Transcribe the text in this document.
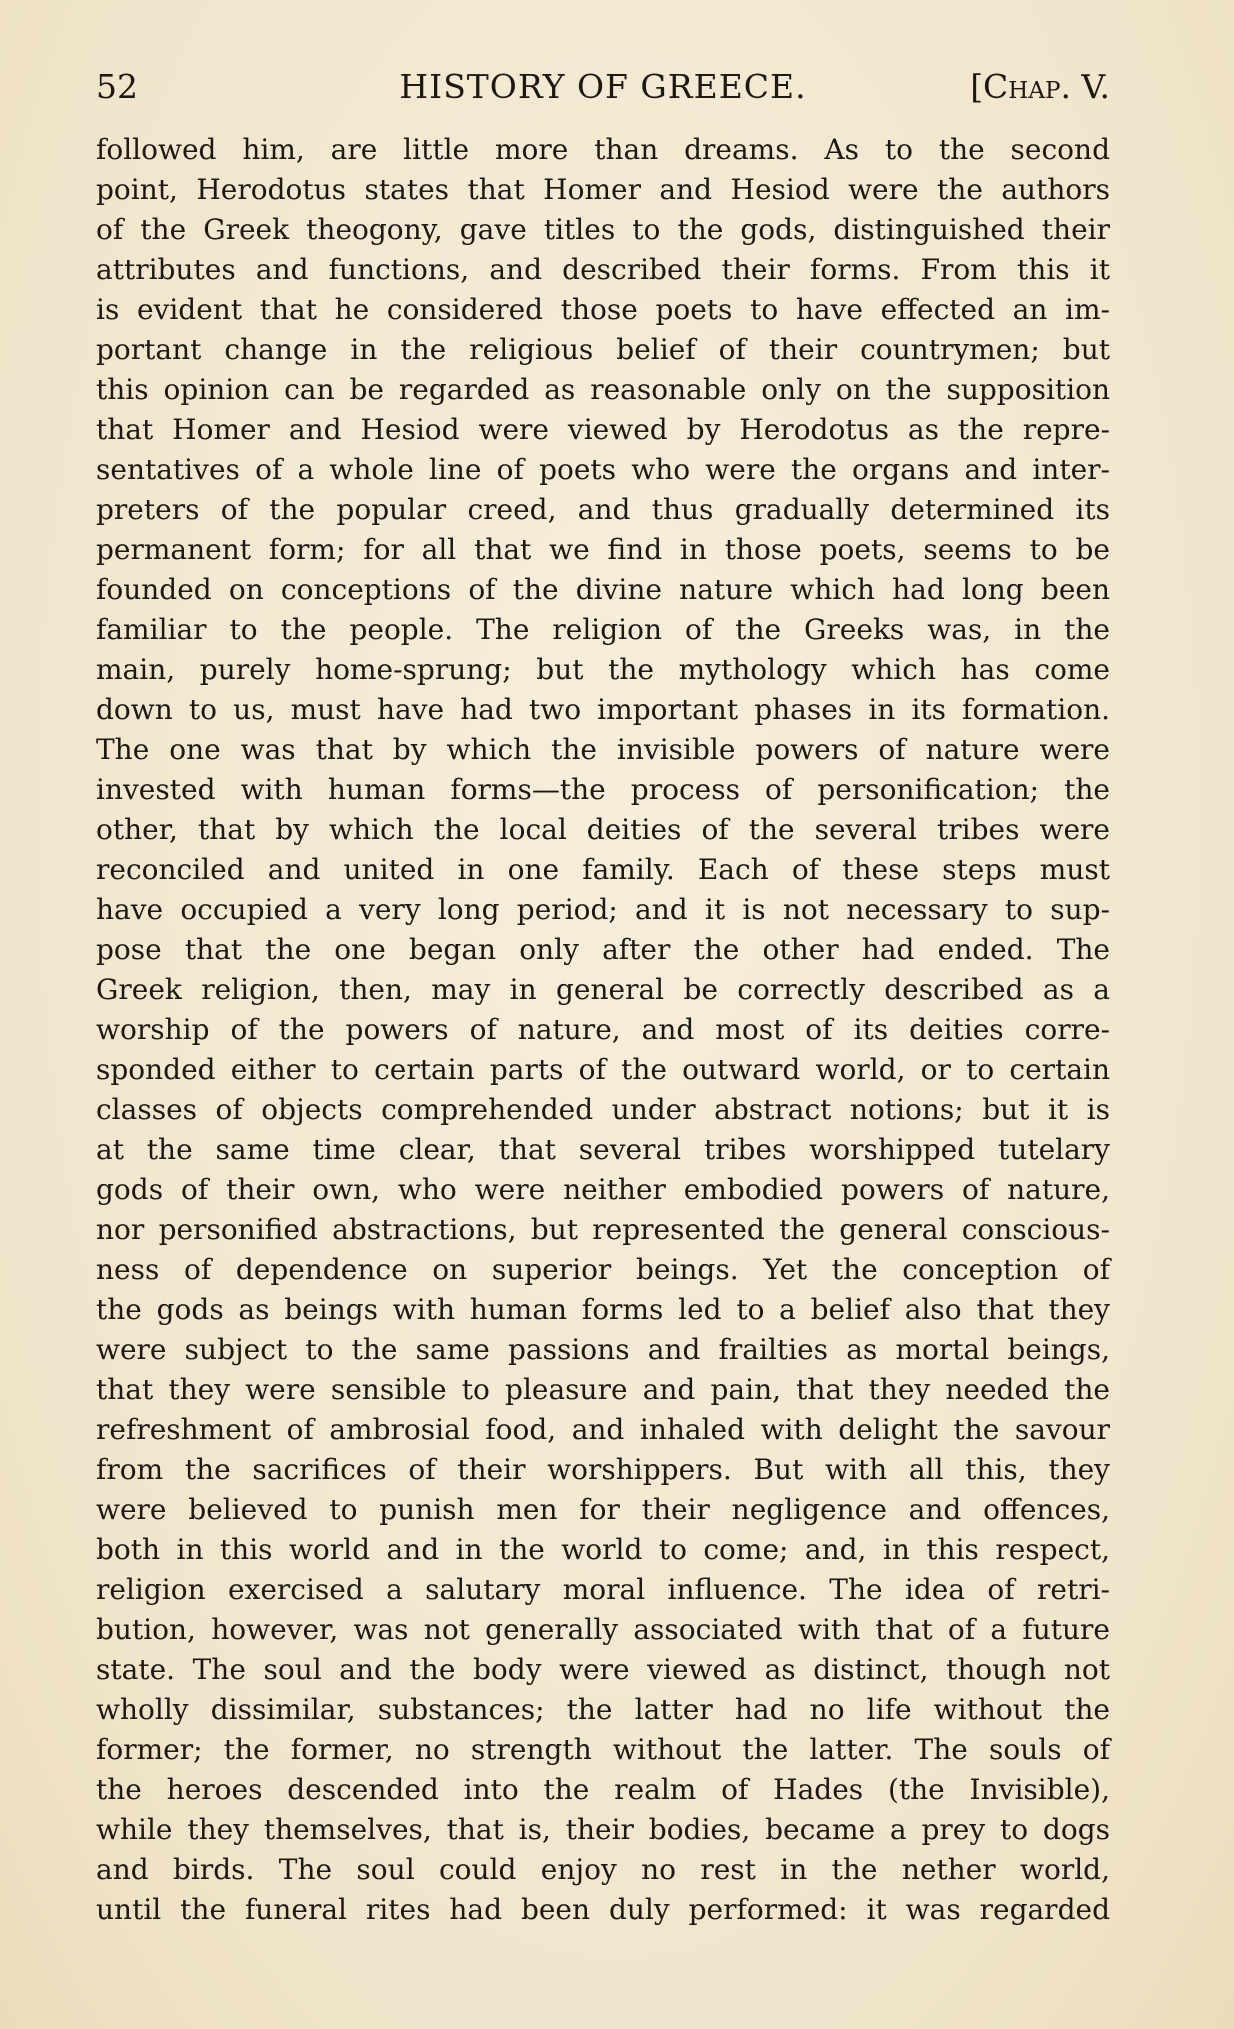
52	HISTORY OF GREECE.	[Chap. V.
followed him, are little more than dreams. As to the second
point, Herodotus states that Homer and Hesiod were the authors
of the Greek theogony, gave titles to the gods, distinguished their
attributes and functions, and described their forms. From this it
is evident that he considered those poets to have effected an im-
portant change in the religious belief of their countrymen; but
this opinion can be regarded as reasonable only on the supposition
that Homer and Hesiod were viewed by Herodotus as the repre-
sentatives of a whole line of poets who were the organs and inter-
preters of the popular creed, and thus gradually determined its
permanent form; for all that we find in those poets, seems to be
founded on conceptions of the divine nature which had long been
familiar to the people. The religion of the Greeks was, in the
main, purely home-sprung; but the mythology which has come
down to us, must have had two important phases in its formation.
The one was that by which the invisible powers of nature were
invested with human forms—the process of personification; the
other, that by which the local deities of the several tribes were
reconciled and united in one family. Each of these steps must
have occupied a very long period; and it is not necessary to sup-
pose that the one began only after the other had ended. The
Greek religion, then, may in general be correctly described as a
worship of the powers of nature, and most of its deities corre-
sponded either to certain parts of the outward world, or to certain
classes of objects comprehended under abstract notions; but it is
at the same time clear, that several tribes worshipped tutelary
gods of their own, who were neither embodied powers of nature,
nor personified abstractions, but represented the general conscious-
ness of dependence on superior beings. Yet the conception of
the gods as beings with human forms led to a belief also that they
were subject to the same passions and frailties as mortal beings,
that they were sensible to pleasure and pain, that they needed the
refreshment of ambrosial food, and inhaled with delight the savour
from the sacrifices of their worshippers. But with all this, they
were believed to punish men for their negligence and offences,
both in this world and in the world to come; and, in this respect,
religion exercised a salutary moral influence. The idea of retri-
bution, however, was not generally associated with that of a future
state. The soul and the body were viewed as distinct, though not
wholly dissimilar, substances; the latter had no life without the
former; the former, no strength without the latter. The souls of
the heroes descended into the realm of Hades (the Invisible),
while they themselves, that is, their bodies, became a prey to dogs
and birds. The soul could enjoy no rest in the nether world,
until the funeral rites had been duly performed: it was regarded
